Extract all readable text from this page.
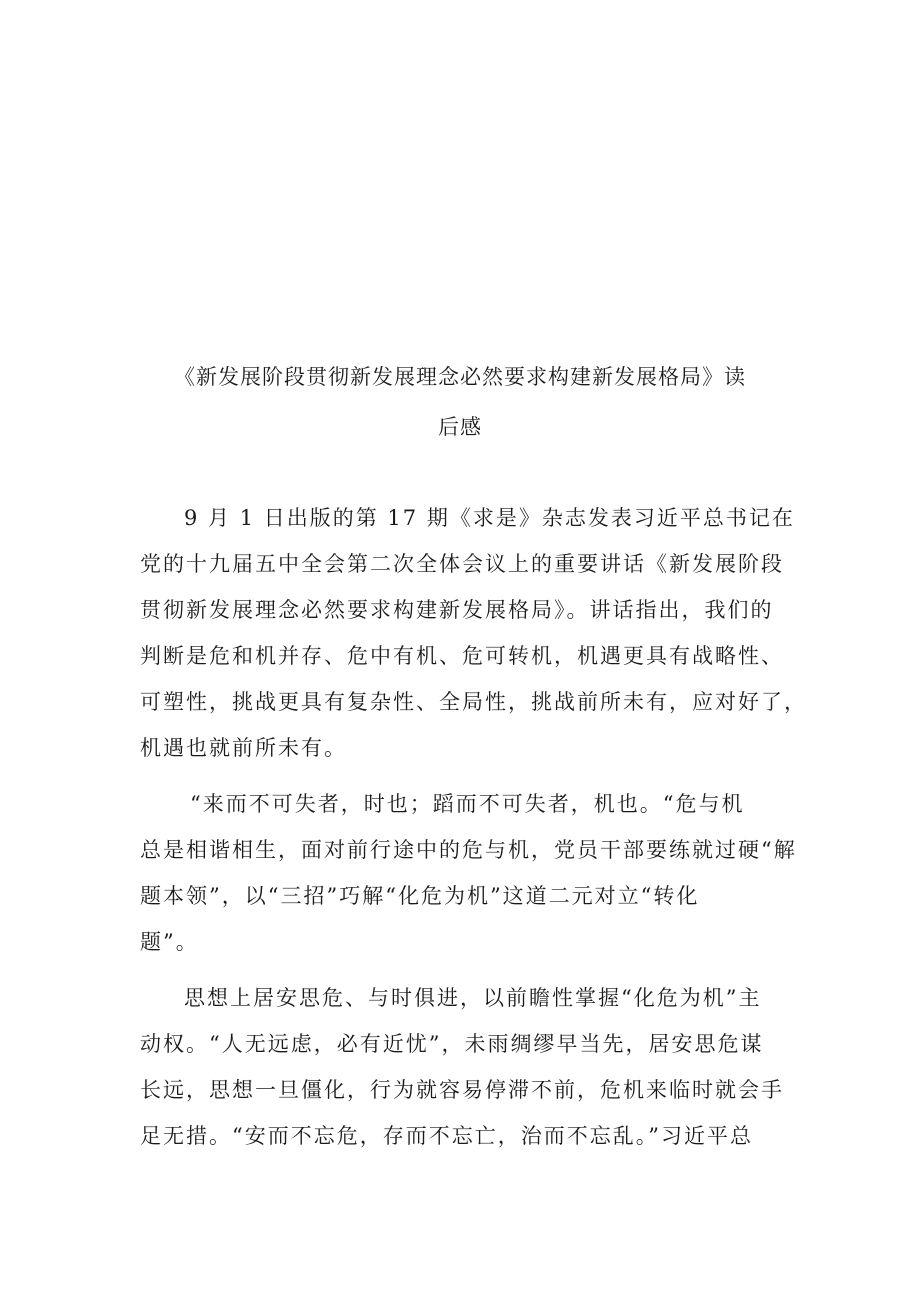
《新发展阶段贯彻新发展理念必然要求构建新发展格局》读
后感
9 月 1 日出版的第 17 期《求是》杂志发表习近平总书记在
党的十九届五中全会第二次全体会议上的重要讲话《新发展阶段
贯彻新发展理念必然要求构建新发展格局》。讲话指出，我们的
判断是危和机并存、危中有机、危可转机，机遇更具有战略性、
可塑性，挑战更具有复杂性、全局性，挑战前所未有，应对好了，
机遇也就前所未有。
“来而不可失者，时也；蹈而不可失者，机也。“危与机
总是相谐相生，面对前行途中的危与机，党员干部要练就过硬“解
题本领”，以“三招”巧解“化危为机”这道二元对立“转化
题”。
思想上居安思危、与时俱进，以前瞻性掌握“化危为机”主
动权。“人无远虑，必有近忧”，未雨绸缪早当先，居安思危谋
长远，思想一旦僵化，行为就容易停滞不前，危机来临时就会手
足无措。“安而不忘危，存而不忘亡，治而不忘乱。”习近平总
